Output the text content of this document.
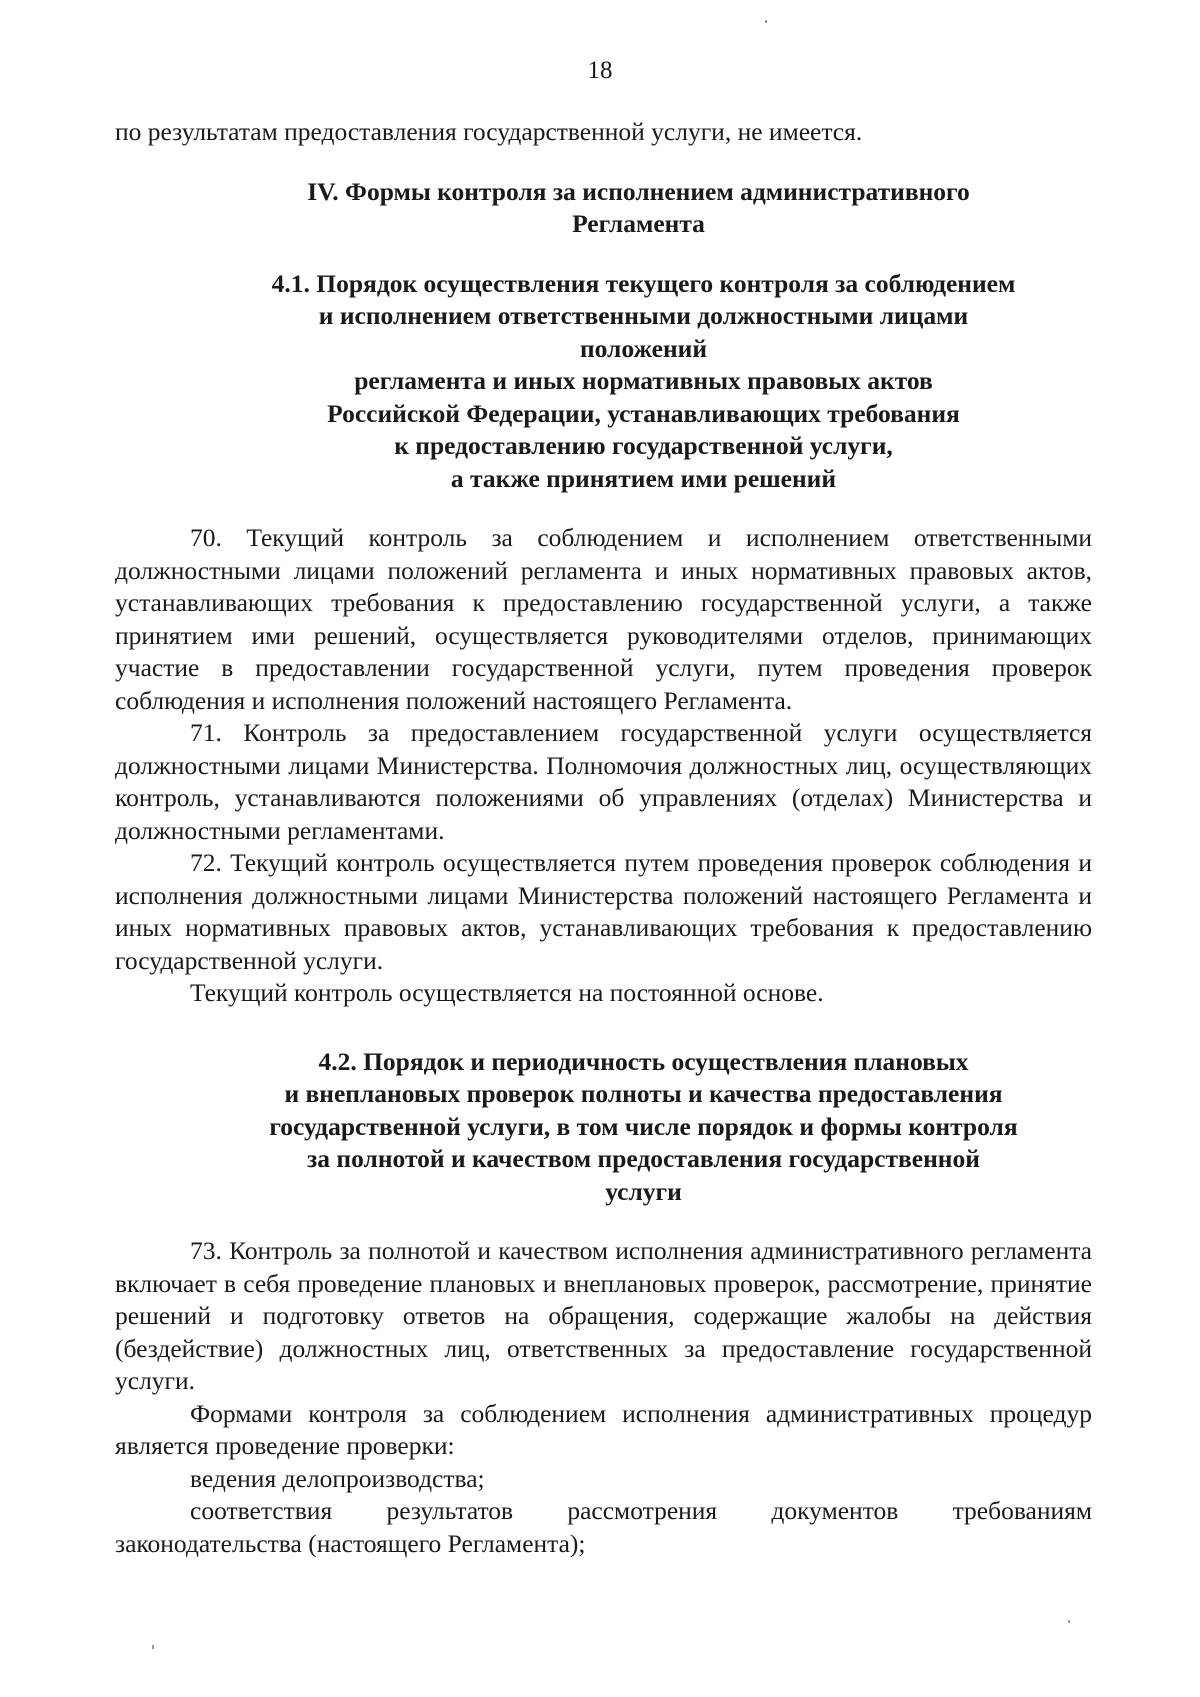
18

по результатам предоставления государственной услуги, не имеется.

IV. Формы контроля за исполнением административного
Регламента
4.1. Порядок осуществления текущего контроля за соблюдением
и исполнением ответственными должностными лицами положений
регламента и иных нормативных правовых актов
Российской Федерации, устанавливающих требования
к предоставлению государственной услуги,
а также принятием ими решений

70. Текущий контроль за соблюдением и исполнением ответственными должностными лицами положений регламента и иных нормативных правовых актов, устанавливающих требования к предоставлению государственной услуги, а также принятием ими решений, осуществляется руководителями отделов, принимающих участие в предоставлении государственной услуги, путем проведения проверок соблюдения и исполнения положений настоящего Регламента.

71. Контроль за предоставлением государственной услуги осуществляется должностными лицами Министерства. Полномочия должностных лиц, осуществляющих контроль, устанавливаются положениями об управлениях (отделах) Министерства и должностными регламентами.

72. Текущий контроль осуществляется путем проведения проверок соблюдения и исполнения должностными лицами Министерства положений настоящего Регламента и иных нормативных правовых актов, устанавливающих требования к предоставлению государственной услуги.

Текущий контроль осуществляется на постоянной основе.

4.2. Порядок и периодичность осуществления плановых
и внеплановых проверок полноты и качества предоставления
государственной услуги, в том числе порядок и формы контроля
за полнотой и качеством предоставления государственной
услуги

73. Контроль за полнотой и качеством исполнения административного регламента включает в себя проведение плановых и внеплановых проверок, рассмотрение, принятие решений и подготовку ответов на обращения, содержащие жалобы на действия (бездействие) должностных лиц, ответственных за предоставление государственной услуги.

Формами контроля за соблюдением исполнения административных процедур является проведение проверки:

ведения делопроизводства;

соответствия результатов рассмотрения документов требованиям законодательства (настоящего Регламента);
